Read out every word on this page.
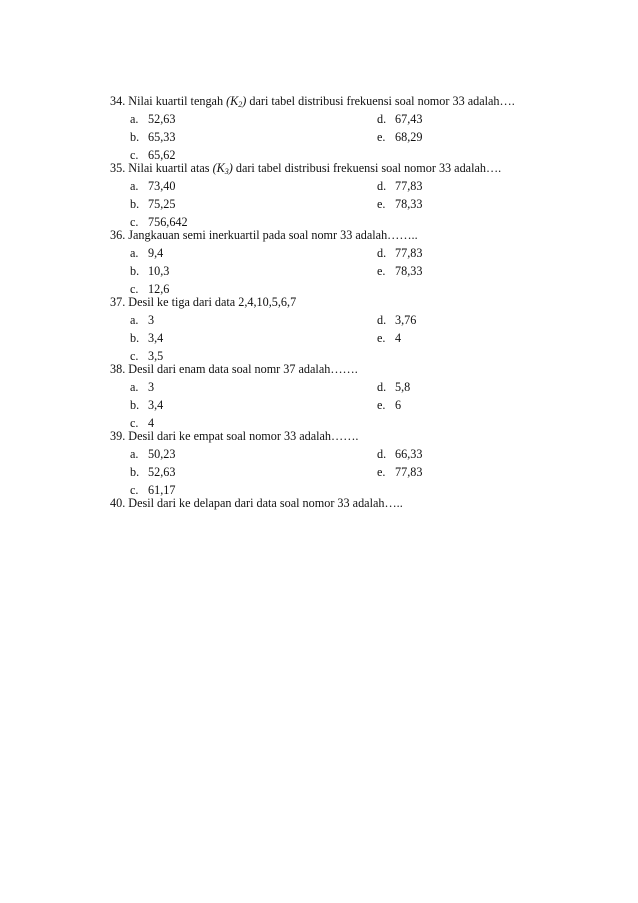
34. Nilai kuartil tengah $(K_2)$ dari tabel distribusi frekuensi soal nomor 33 adalah….
a. 52,63	d. 67,43
b. 65,33	e. 68,29
c. 65,62
35. Nilai kuartil atas $(K_3)$ dari tabel distribusi frekuensi soal nomor 33 adalah….
a. 73,40	d. 77,83
b. 75,25	e. 78,33
c. 756,642
36. Jangkauan semi inerkuartil pada soal nomr 33 adalah……..
a. 9,4	d. 77,83
b. 10,3	e. 78,33
c. 12,6
37. Desil ke tiga dari data 2,4,10,5,6,7
a. 3	d. 3,76
b. 3,4	e. 4
c. 3,5
38. Desil dari enam data soal nomr 37 adalah…….
a. 3	d. 5,8
b. 3,4	e. 6
c. 4
39. Desil dari ke empat soal nomor 33 adalah…….
a. 50,23	d. 66,33
b. 52,63	e. 77,83
c. 61,17
40. Desil dari ke delapan dari data soal nomor 33 adalah…..
